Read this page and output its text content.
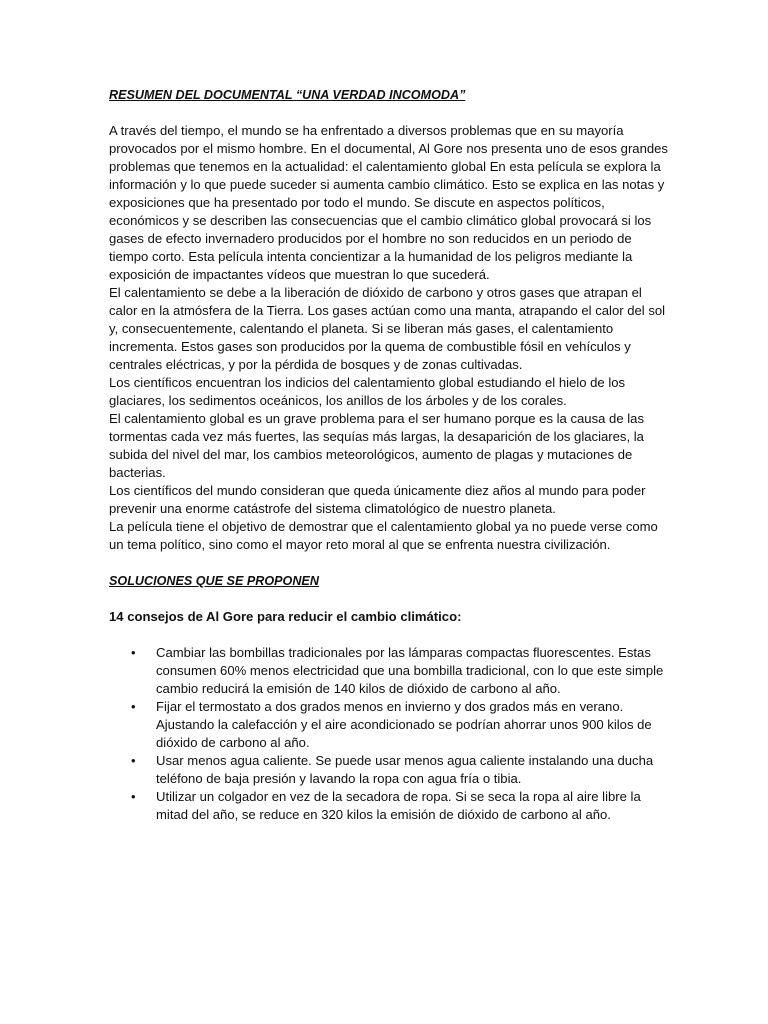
RESUMEN DEL DOCUMENTAL “UNA VERDAD INCOMODA”

A través del tiempo, el mundo se ha enfrentado a diversos problemas que en su mayoría provocados por el mismo hombre. En el documental, Al Gore nos presenta uno de esos grandes problemas que tenemos en la actualidad: el calentamiento global En esta película se explora la información y lo que puede suceder si aumenta cambio climático. Esto se explica en las notas y exposiciones que ha presentado por todo el mundo. Se discute en aspectos políticos, económicos y se describen las consecuencias que el cambio climático global provocará si los gases de efecto invernadero producidos por el hombre no son reducidos en un periodo de tiempo corto. Esta película intenta concientizar a la humanidad de los peligros mediante la exposición de impactantes vídeos que muestran lo que sucederá.

El calentamiento se debe a la liberación de dióxido de carbono y otros gases que atrapan el calor en la atmósfera de la Tierra. Los gases actúan como una manta, atrapando el calor del sol y, consecuentemente, calentando el planeta. Si se liberan más gases, el calentamiento incrementa. Estos gases son producidos por la quema de combustible fósil en vehículos y centrales eléctricas, y por la pérdida de bosques y de zonas cultivadas.

Los científicos encuentran los indicios del calentamiento global estudiando el hielo de los glaciares, los sedimentos oceánicos, los anillos de los árboles y de los corales.

El calentamiento global es un grave problema para el ser humano porque es la causa de las tormentas cada vez más fuertes, las sequías más largas, la desaparición de los glaciares, la subida del nivel del mar, los cambios meteorológicos, aumento de plagas y mutaciones de bacterias.

Los científicos del mundo consideran que queda únicamente diez años al mundo para poder prevenir una enorme catástrofe del sistema climatológico de nuestro planeta.

La película tiene el objetivo de demostrar que el calentamiento global ya no puede verse como un tema político, sino como el mayor reto moral al que se enfrenta nuestra civilización.

SOLUCIONES QUE SE PROPONEN

14 consejos de Al Gore para reducir el cambio climático:

• Cambiar las bombillas tradicionales por las lámparas compactas fluorescentes. Estas consumen 60% menos electricidad que una bombilla tradicional, con lo que este simple cambio reducirá la emisión de 140 kilos de dióxido de carbono al año.
• Fijar el termostato a dos grados menos en invierno y dos grados más en verano. Ajustando la calefacción y el aire acondicionado se podrían ahorrar unos 900 kilos de dióxido de carbono al año.
• Usar menos agua caliente. Se puede usar menos agua caliente instalando una ducha teléfono de baja presión y lavando la ropa con agua fría o tibia.
• Utilizar un colgador en vez de la secadora de ropa. Si se seca la ropa al aire libre la mitad del año, se reduce en 320 kilos la emisión de dióxido de carbono al año.
